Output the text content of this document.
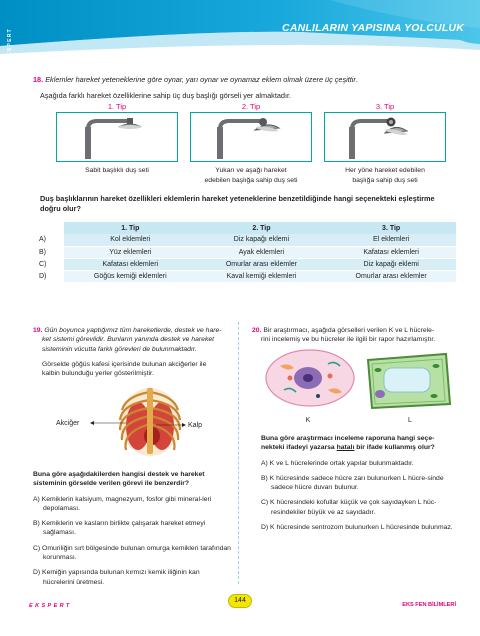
EKSPERT	CANLILARIN YAPISINA YOLCULUK
18. Eklemler hareket yeteneklerine göre oynar, yarı oynar ve oynamaz eklem olmak üzere üç çeşittir.
Aşağıda farklı hareket özelliklerine sahip üç duş başlığı görseli yer almaktadır.
1. Tip	2. Tip	3. Tip
Sabit başlıklı duş seti	Yukarı ve aşağı hareket
edebilen başlığa sahip duş seti
Her yöne hareket edebilen
başlığa sahip duş seti
Duş başlıklarının hareket özellikleri eklemlerin hareket yeteneklerine benzetildiğinde hangi seçenekteki eşleştirme
doğru olur?
	1. Tip	2. Tip	3. Tip
A)	Kol eklemleri	Diz kapağı eklemi	El eklemleri
B)	Yüz eklemleri	Ayak eklemleri	Kafatası eklemleri
C)	Kafatası eklemleri	Omurlar arası eklemler	Diz kapağı eklemi
D)	Göğüs kemiği eklemleri	Kaval kemiği eklemleri	Omurlar arası eklemler
19. Gün boyunca yaptığımız tüm hareketlerde, destek ve hare-
ket sistemi görevlidir. Bunların yanında destek ve hareket
sisteminin vücutta farklı görevleri de bulunmaktadır.
Görselde göğüs kafesi içerisinde bulunan akciğerler ile
kalbin bulunduğu yerler gösterilmiştir.
Akciğer	Kalp
Buna göre aşağıdakilerden hangisi destek ve hareket
sisteminin görselde verilen görevi ile benzerdir?
A) Kemiklerin kalsiyum, magnezyum, fosfor gibi mineral-leri depolaması.
B) Kemiklerin ve kasların birlikte çalışarak hareket etmeyi sağlaması.
C) Omuriliğin sırt bölgesinde bulunan omurga kemikleri tarafından korunması.
D) Kemiğin yapısında bulunan kırmızı kemik iliğinin kan hücrelerini üretmesi.
20. Bir araştırmacı, aşağıda görselleri verilen K ve L hücrele-
rini incelemiş ve bu hücreler ile ilgili bir rapor hazırlamıştır.
K	L
Buna göre araştırmacı inceleme raporuna hangi seçe-
nekteki ifadeyi yazarsa hatalı bir ifade kullanmış olur?
A) K ve L hücrelerinde ortak yapılar bulunmaktadır.
B) K hücresinde sadece hücre zarı bulunurken L hücre-sinde sadece hücre duvarı bulunur.
C) K hücresindeki kofullar küçük ve çok sayıdayken L hüc-resindekiler büyük ve az sayıdadır.
D) K hücresinde sentrozom bulunurken L hücresinde bulunmaz.
EKSPERT
144
EKS FEN BİLİMLERİ
